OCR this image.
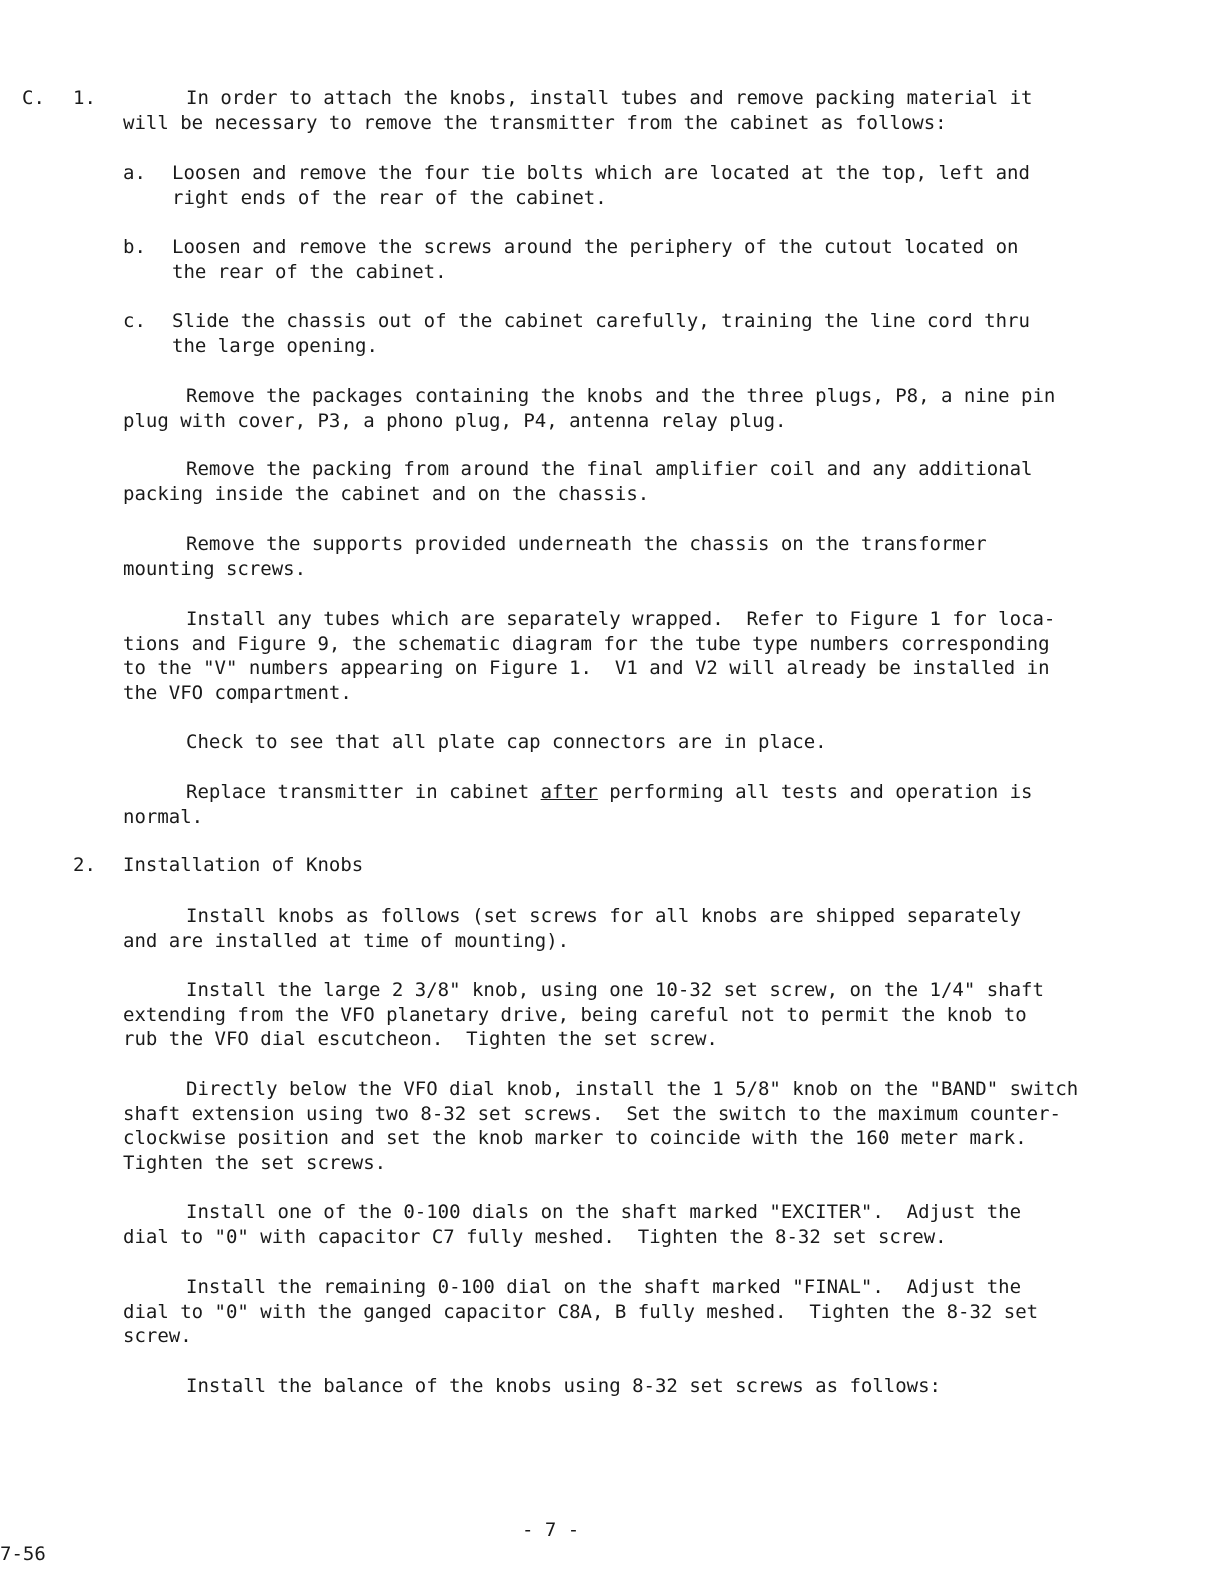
C. 1.	In order to attach the knobs, install tubes and remove packing material it
will be necessary to remove the transmitter from the cabinet as follows:
a. Loosen and remove the four tie bolts which are located at the top, left and
right ends of the rear of the cabinet.
b. Loosen and remove the screws around the periphery of the cutout located on
the rear of the cabinet.
c. Slide the chassis out of the cabinet carefully, training the line cord thru
the large opening.
Remove the packages containing the knobs and the three plugs, P8, a nine pin
plug with cover, P3, a phono plug, P4, antenna relay plug.
Remove the packing from around the final amplifier coil and any additional
packing inside the cabinet and on the chassis.
Remove the supports provided underneath the chassis on the transformer
mounting screws.
Install any tubes which are separately wrapped.  Refer to Figure 1 for loca-
tions and Figure 9, the schematic diagram for the tube type numbers corresponding
to the "V" numbers appearing on Figure 1.  V1 and V2 will already be installed in
the VFO compartment.
Check to see that all plate cap connectors are in place.
Replace transmitter in cabinet after performing all tests and operation is
normal.
2. Installation of Knobs
Install knobs as follows (set screws for all knobs are shipped separately
and are installed at time of mounting).
Install the large 2 3/8" knob, using one 10-32 set screw, on the 1/4" shaft
extending from the VFO planetary drive, being careful not to permit the knob to
rub the VFO dial escutcheon.  Tighten the set screw.
Directly below the VFO dial knob, install the 1 5/8" knob on the "BAND" switch
shaft extension using two 8-32 set screws.  Set the switch to the maximum counter-
clockwise position and set the knob marker to coincide with the 160 meter mark.
Tighten the set screws.
Install one of the 0-100 dials on the shaft marked "EXCITER".  Adjust the
dial to "0" with capacitor C7 fully meshed.  Tighten the 8-32 set screw.
Install the remaining 0-100 dial on the shaft marked "FINAL".  Adjust the
dial to "0" with the ganged capacitor C8A, B fully meshed.  Tighten the 8-32 set
screw.
Install the balance of the knobs using 8-32 set screws as follows:
- 7 -
7-56
